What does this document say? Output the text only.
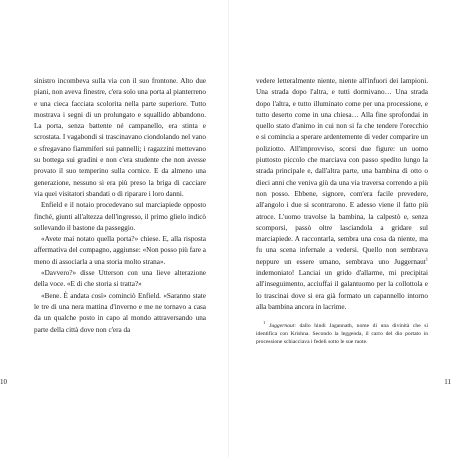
sinistro incombeva sulla via con il suo frontone. Alto due piani, non aveva finestre, c'era solo una porta al pianterreno e una cieca facciata scolorita nella parte superiore. Tutto mostrava i segni di un prolungato e squallido abbandono. La porta, senza battente né campanello, era stinta e scrostata. I vagabondi si trascinavano ciondolando nel vano e sfregavano fiammiferi sui pannelli; i ragazzini mettevano su bottega sui gradini e non c'era studente che non avesse provato il suo temperino sulla cornice. E da almeno una generazione, nessuno si era più preso la briga di cacciare via quei visitatori sbandati o di riparare i loro danni.

Enfield e il notaio procedevano sul marciapiede opposto finché, giunti all'altezza dell'ingresso, il primo glielo indicò sollevando il bastone da passeggio.

«Avete mai notato quella porta?» chiese. E, alla risposta affermativa del compagno, aggiunse: «Non posso più fare a meno di associarla a una storia molto strana».

«Davvero?» disse Utterson con una lieve alterazione della voce. «E di che storia si tratta?»

«Bene. È andata così» cominciò Enfield. «Saranno state le tre di una nera mattina d'inverno e me ne tornavo a casa da un qualche posto in capo al mondo attraversando una parte della città dove non c'era da

10

vedere letteralmente niente, niente all'infuori dei lampioni. Una strada dopo l'altra, e tutti dormivano… Una strada dopo l'altra, e tutto illuminato come per una processione, e tutto deserto come in una chiesa… Alla fine sprofondai in quello stato d'animo in cui non si fa che tendere l'orecchio e si comincia a sperare ardentemente di veder comparire un poliziotto. All'improvviso, scorsi due figure: un uomo piuttosto piccolo che marciava con passo spedito lungo la strada principale e, dall'altra parte, una bambina di otto o dieci anni che veniva giù da una via traversa correndo a più non posso. Ebbene, signore, com'era facile prevedere, all'angolo i due si scontrarono. E adesso viene il fatto più atroce. L'uomo travolse la bambina, la calpestò e, senza scomporsi, passò oltre lasciandola a gridare sul marciapiede. A raccontarla, sembra una cosa da niente, ma fu una scena infernale a vedersi. Quello non sembrava neppure un essere umano, sembrava uno Juggernaut$^1$ indemoniato! Lanciai un grido d'allarme, mi precipitai all'inseguimento, acciuffai il galantuomo per la collottola e lo trascinai dove si era già formato un capannello intorno alla bambina ancora in lacrime.

$^1$ Juggernaut: dallo hindi Jagannath, nome di una divinità che si identifica con Krishna. Secondo la leggenda, il carro del dio portato in processione schiacciava i fedeli sotto le sue ruote.
11
